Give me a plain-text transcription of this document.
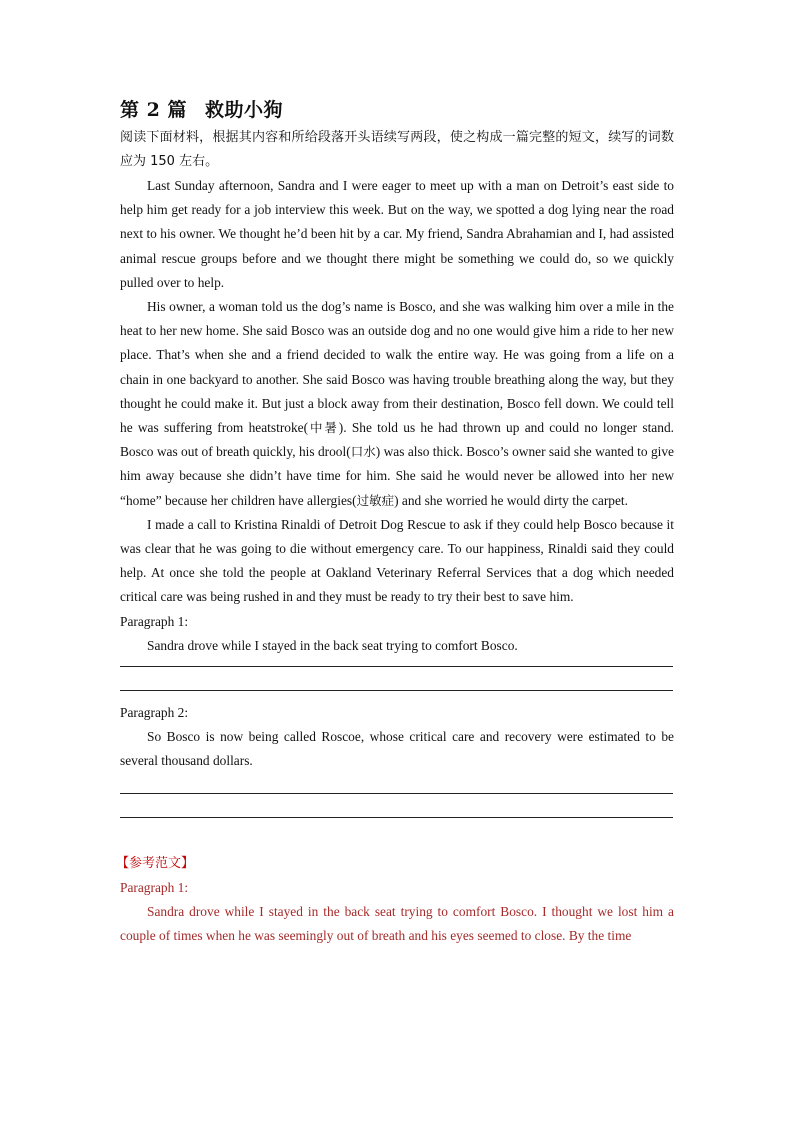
第 2 篇 救助小狗

阅读下面材料，根据其内容和所给段落开头语续写两段，使之构成一篇完整的短文，续写的词数应为 150 左右。

Last Sunday afternoon, Sandra and I were eager to meet up with a man on Detroit’s east side to help him get ready for a job interview this week. But on the way, we spotted a dog lying near the road next to his owner. We thought he’d been hit by a car. My friend, Sandra Abrahamian and I, had assisted animal rescue groups before and we thought there might be something we could do, so we quickly pulled over to help.

His owner, a woman told us the dog’s name is Bosco, and she was walking him over a mile in the heat to her new home. She said Bosco was an outside dog and no one would give him a ride to her new place. That’s when she and a friend decided to walk the entire way. He was going from a life on a chain in one backyard to another. She said Bosco was having trouble breathing along the way, but they thought he could make it. But just a block away from their destination, Bosco fell down. We could tell he was suffering from heatstroke(中暑). She told us he had thrown up and could no longer stand. Bosco was out of breath quickly, his drool(口水) was also thick. Bosco’s owner said she wanted to give him away because she didn’t have time for him. She said he would never be allowed into her new “home” because her children have allergies(过敏症) and she worried he would dirty the carpet.

I made a call to Kristina Rinaldi of Detroit Dog Rescue to ask if they could help Bosco because it was clear that he was going to die without emergency care. To our happiness, Rinaldi said they could help. At once she told the people at Oakland Veterinary Referral Services that a dog which needed critical care was being rushed in and they must be ready to try their best to save him.

Paragraph 1:

Sandra drove while I stayed in the back seat trying to comfort Bosco.

Paragraph 2:

So Bosco is now being called Roscoe, whose critical care and recovery were estimated to be several thousand dollars.

【参考范文】

Paragraph 1:

Sandra drove while I stayed in the back seat trying to comfort Bosco. I thought we lost him a couple of times when he was seemingly out of breath and his eyes seemed to close. By the time
